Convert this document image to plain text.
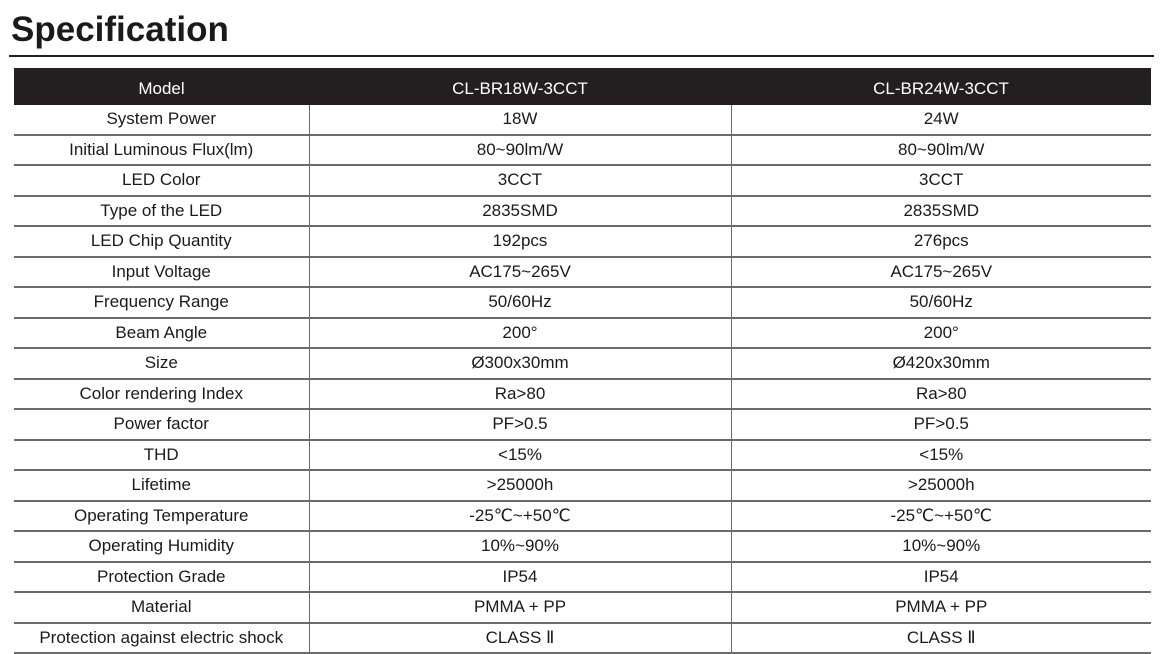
Specification
Model	CL-BR18W-3CCT	CL-BR24W-3CCT
System Power	18W	24W
Initial Luminous Flux(lm)	80~90lm/W	80~90lm/W
LED Color	3CCT	3CCT
Type of the LED	2835SMD	2835SMD
LED Chip Quantity	192pcs	276pcs
Input Voltage	AC175~265V	AC175~265V
Frequency Range	50/60Hz	50/60Hz
Beam Angle	200°	200°
Size	Ø300x30mm	Ø420x30mm
Color rendering Index	Ra>80	Ra>80
Power factor	PF>0.5	PF>0.5
THD	<15%	<15%
Lifetime	>25000h	>25000h
Operating Temperature	-25℃~+50℃	-25℃~+50℃
Operating Humidity	10%~90%	10%~90%
Protection Grade	IP54	IP54
Material	PMMA + PP	PMMA + PP
Protection against electric shock	CLASS Ⅱ	CLASS Ⅱ
